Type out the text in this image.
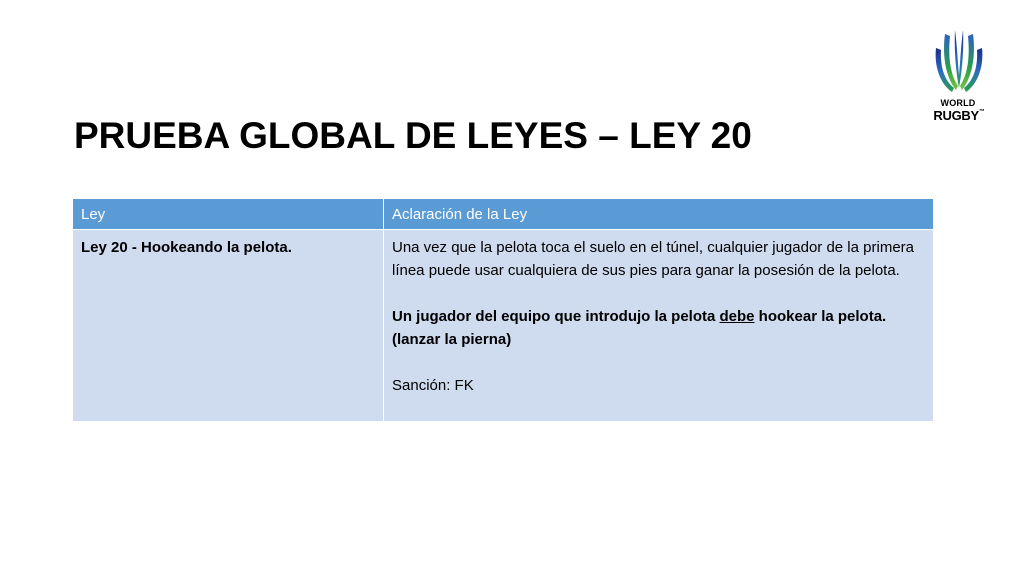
PRUEBA GLOBAL DE LEYES – LEY 20
WORLD
RUGBY™
Ley	Aclaración de la Ley
Ley 20 - Hookeando la pelota.	Una vez que la pelota toca el suelo en el túnel, cualquier jugador de la primera línea puede usar cualquiera de sus pies para ganar la posesión de la pelota.

Un jugador del equipo que introdujo la pelota debe hookear la pelota. (lanzar la pierna)

Sanción: FK
